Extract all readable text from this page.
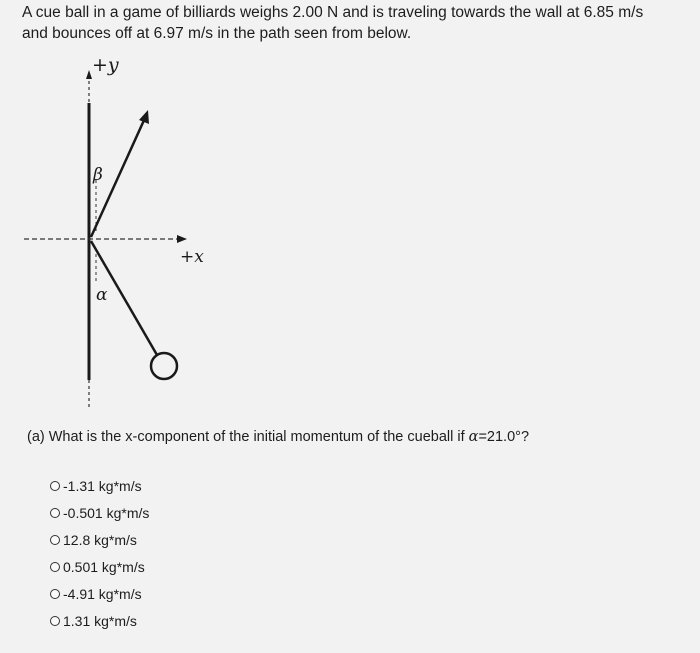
A cue ball in a game of billiards weighs 2.00 N and is traveling towards the wall at 6.85 m/s and bounces off at 6.97 m/s in the path seen from below.
+y
+x
β
α
(a) What is the x-component of the initial momentum of the cueball if α=21.0°?
-1.31 kg*m/s
-0.501 kg*m/s
12.8 kg*m/s
0.501 kg*m/s
-4.91 kg*m/s
1.31 kg*m/s
